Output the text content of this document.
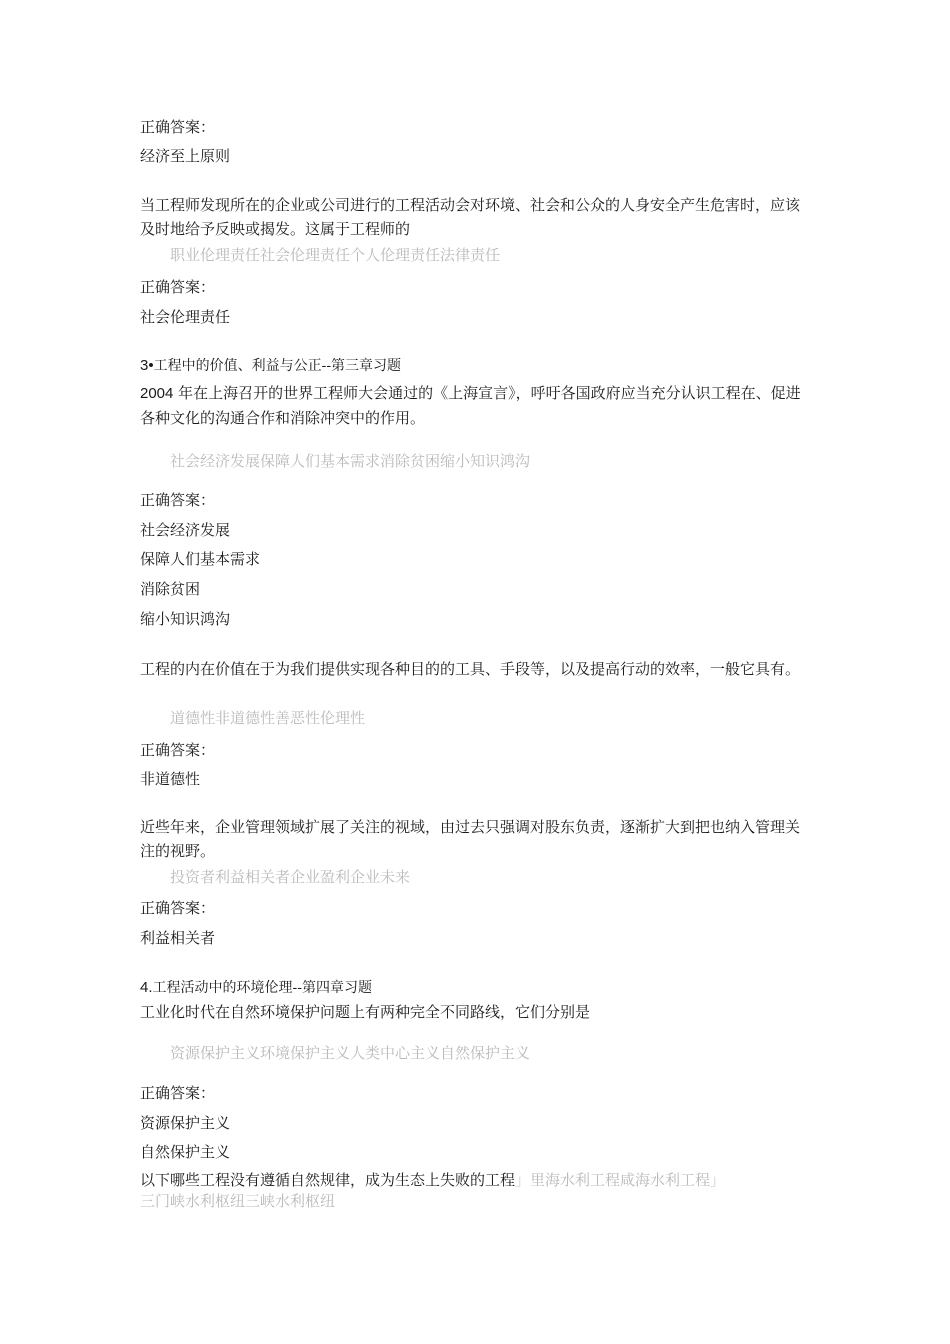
正确答案：
经济至上原则
当工程师发现所在的企业或公司进行的工程活动会对环境、社会和公众的人身安全产生危害时，应该及时地给予反映或揭发。这属于工程师的
职业伦理责任社会伦理责任个人伦理责任法律责任
正确答案：
社会伦理责任
3•工程中的价值、利益与公正--第三章习题
2004 年在上海召开的世界工程师大会通过的《上海宣言》，呼吁各国政府应当充分认识工程在、促进各种文化的沟通合作和消除冲突中的作用。
社会经济发展保障人们基本需求消除贫困缩小知识鸿沟
正确答案：
社会经济发展
保障人们基本需求
消除贫困
缩小知识鸿沟
工程的内在价值在于为我们提供实现各种目的的工具、手段等，以及提高行动的效率，一般它具有。
道德性非道德性善恶性伦理性
正确答案：
非道德性
近些年来，企业管理领域扩展了关注的视域，由过去只强调对股东负责，逐渐扩大到把也纳入管理关注的视野。
投资者利益相关者企业盈利企业未来
正确答案：
利益相关者
4.工程活动中的环境伦理--第四章习题
工业化时代在自然环境保护问题上有两种完全不同路线，它们分别是
资源保护主义环境保护主义人类中心主义自然保护主义
正确答案：
资源保护主义
自然保护主义
以下哪些工程没有遵循自然规律，成为生态上失败的工程」里海水利工程咸海水利工程」
三门峡水利枢纽三峡水利枢纽
